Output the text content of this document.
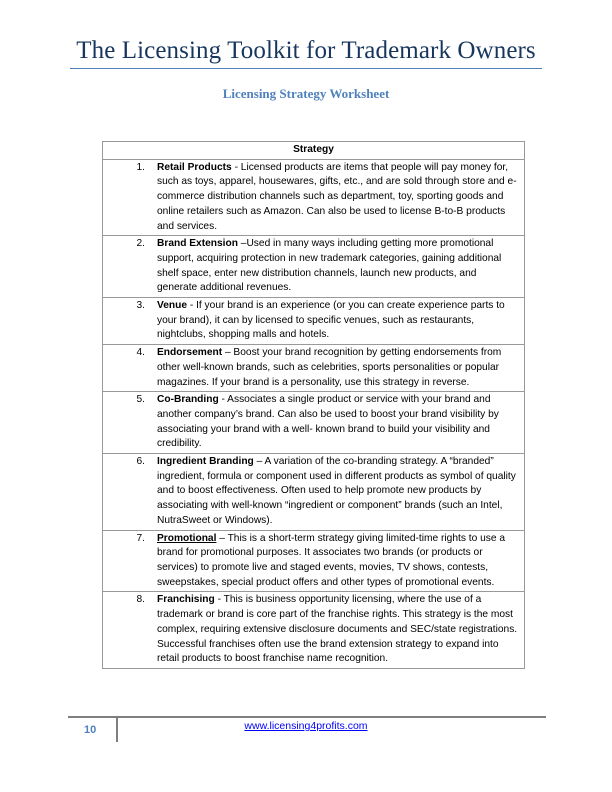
The Licensing Toolkit for Trademark Owners
Licensing Strategy Worksheet
Strategy

1.	Retail Products - Licensed products are items that people will pay money for, such as toys, apparel, housewares, gifts, etc., and are sold through store and e-commerce distribution channels such as department, toy, sporting goods and online retailers such as Amazon. Can also be used to license B-to-B products and services.

2.	Brand Extension –Used in many ways including getting more promotional support, acquiring protection in new trademark categories, gaining additional shelf space, enter new distribution channels, launch new products, and generate additional revenues.

3.	Venue - If your brand is an experience (or you can create experience parts to your brand), it can by licensed to specific venues, such as restaurants, nightclubs, shopping malls and hotels.

4.	Endorsement – Boost your brand recognition by getting endorsements from other well-known brands, such as celebrities, sports personalities or popular magazines. If your brand is a personality, use this strategy in reverse.

5.	Co-Branding - Associates a single product or service with your brand and another company’s brand. Can also be used to boost your brand visibility by associating your brand with a well- known brand to build your visibility and credibility.

6.	Ingredient Branding – A variation of the co-branding strategy. A “branded” ingredient, formula or component used in different products as symbol of quality and to boost effectiveness. Often used to help promote new products by associating with well-known “ingredient or component” brands (such an Intel, NutraSweet or Windows).

7.	Promotional – This is a short-term strategy giving limited-time rights to use a brand for promotional purposes. It associates two brands (or products or services) to promote live and staged events, movies, TV shows, contests, sweepstakes, special product offers and other types of promotional events.

8.	Franchising - This is business opportunity licensing, where the use of a trademark or brand is core part of the franchise rights. This strategy is the most complex, requiring extensive disclosure documents and SEC/state registrations. Successful franchises often use the brand extension strategy to expand into retail products to boost franchise name recognition.
10	www.licensing4profits.com
